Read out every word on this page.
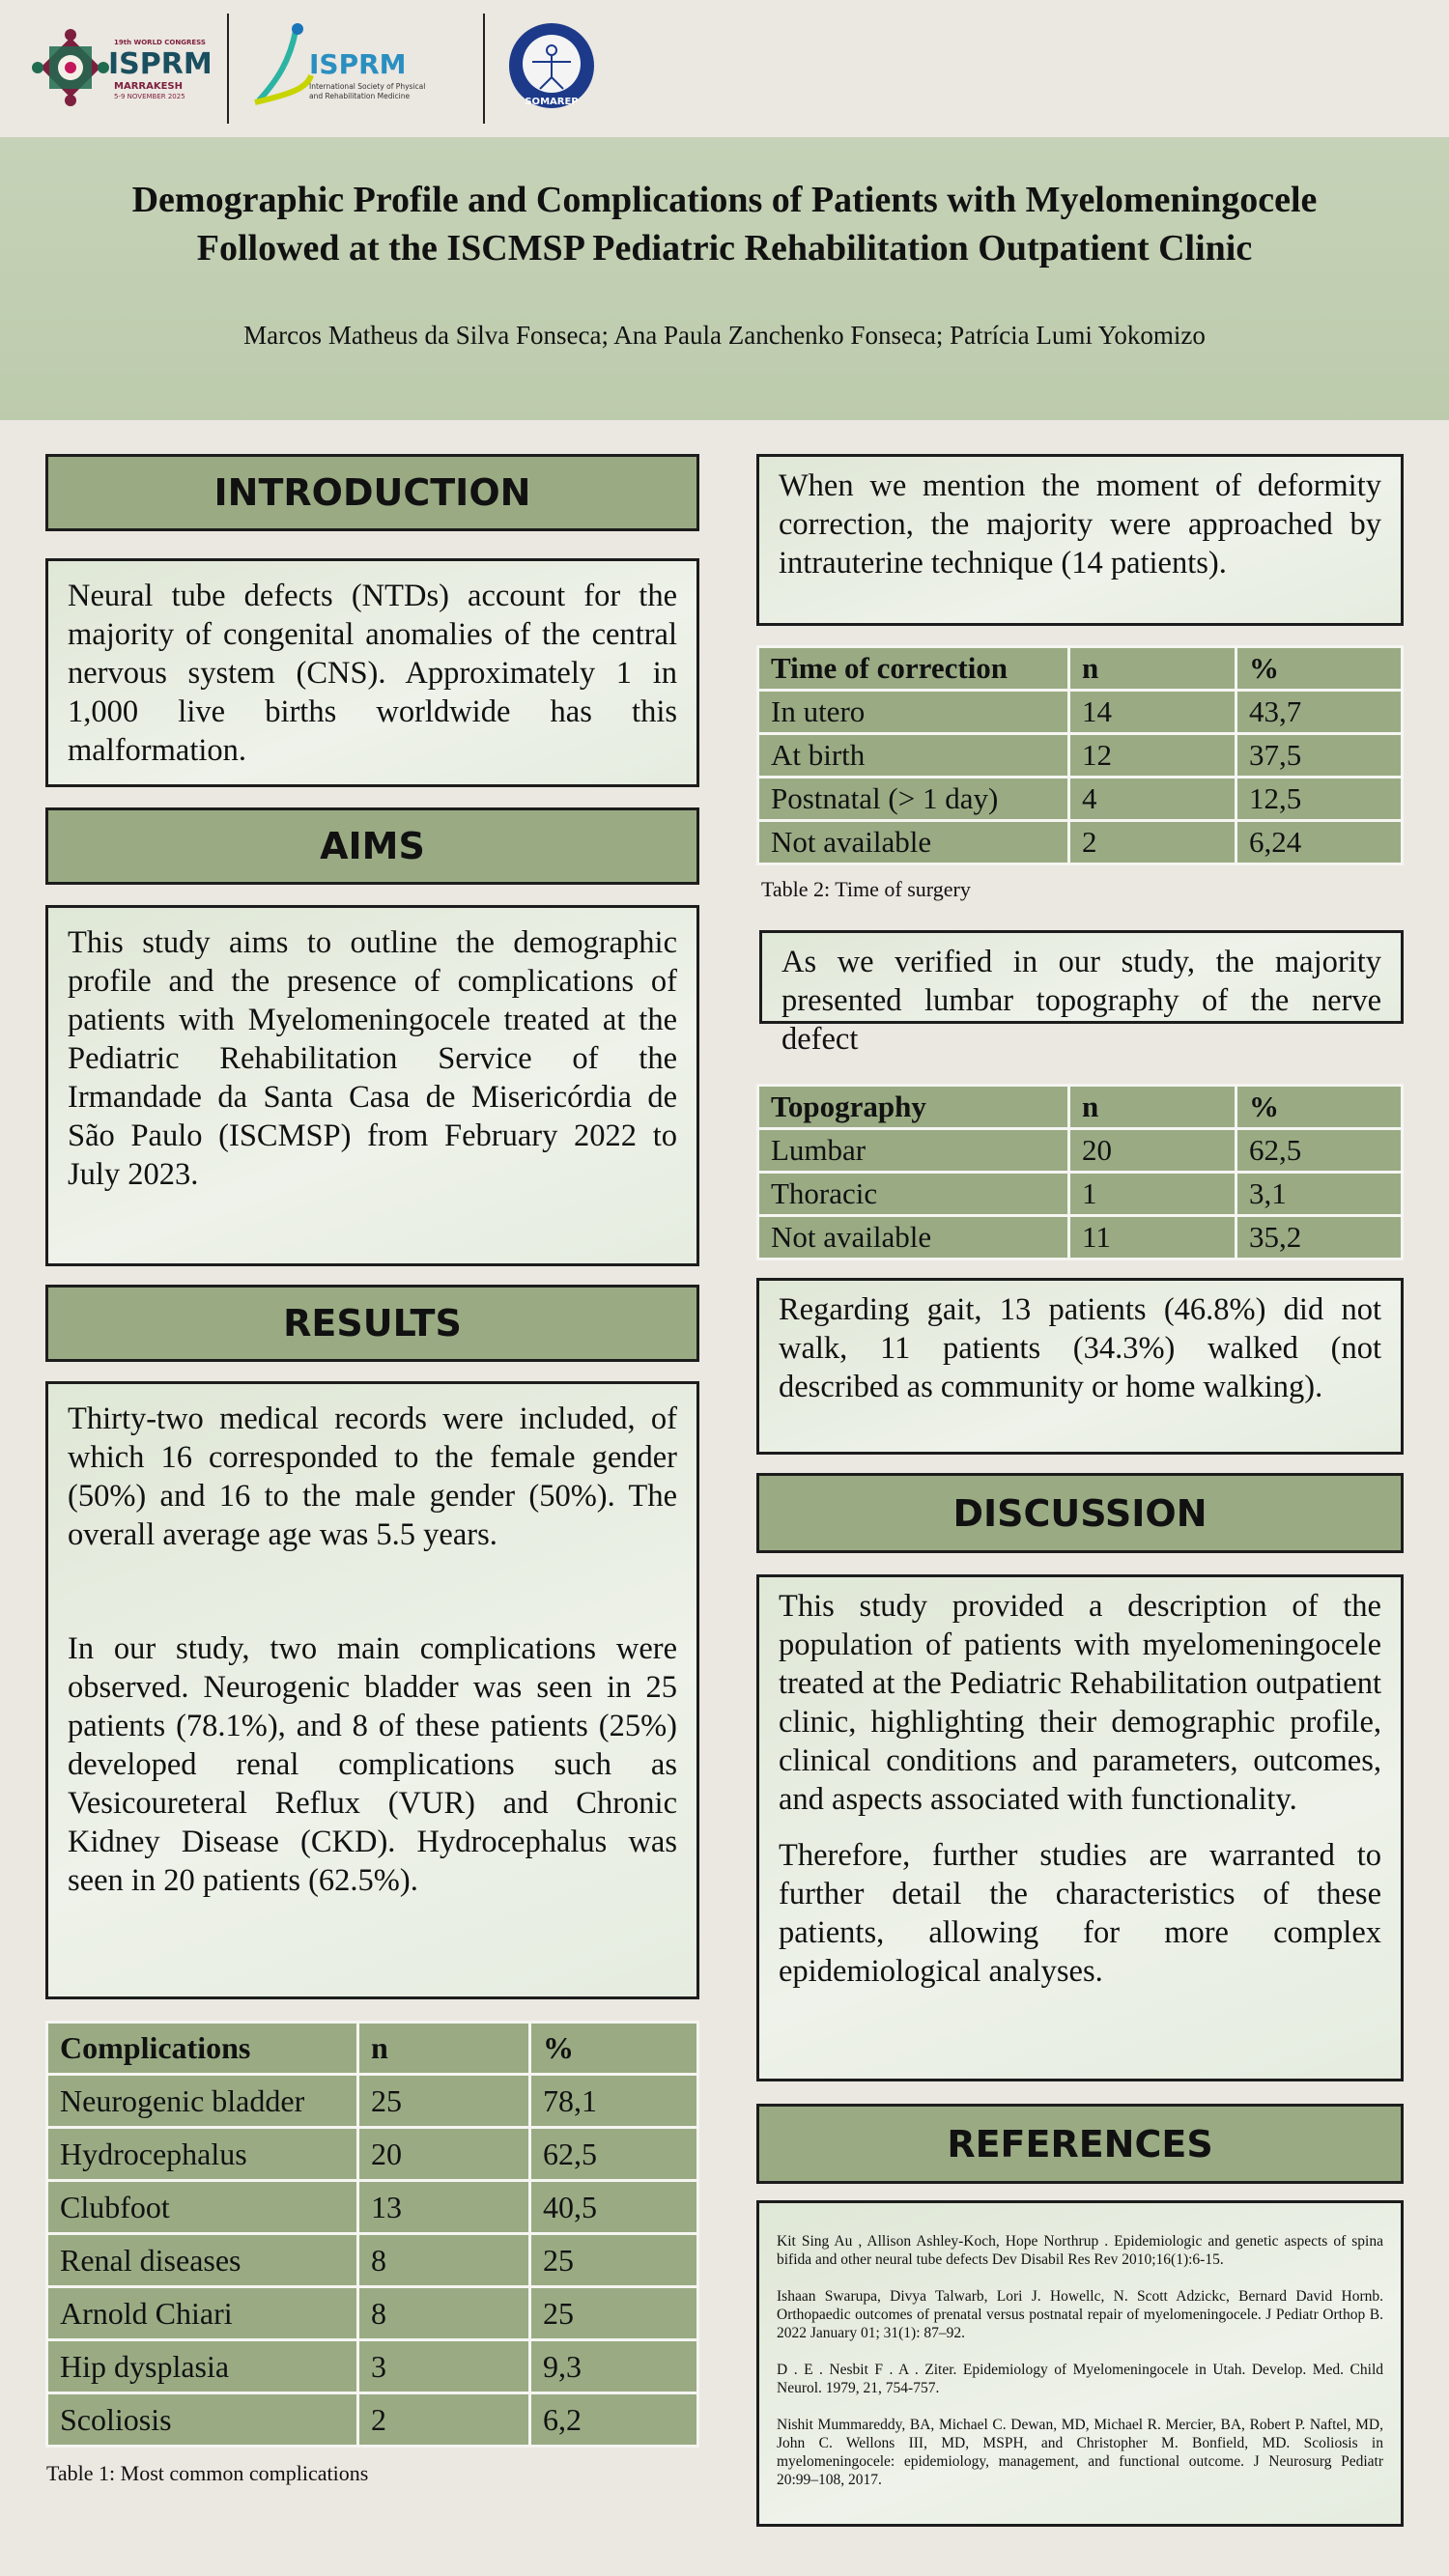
19th WORLD CONGRESS
ISPRM
MARRAKESH
5-9 NOVEMBER 2025
ISPRM
International Society of Physical
and Rehabilitation Medicine
SOMAREP
Demographic Profile and Complications of Patients with Myelomeningocele
Followed at the ISCMSP Pediatric Rehabilitation Outpatient Clinic
Marcos Matheus da Silva Fonseca; Ana Paula Zanchenko Fonseca; Patrícia Lumi Yokomizo
INTRODUCTION

Neural tube defects (NTDs) account for the majority of congenital anomalies of the central nervous system (CNS). Approximately 1 in 1,000 live births worldwide has this malformation.

AIMS

This study aims to outline the demographic profile and the presence of complications of patients with Myelomeningocele treated at the Pediatric Rehabilitation Service of the Irmandade da Santa Casa de Misericórdia de São Paulo (ISCMSP) from February 2022 to July 2023.

RESULTS

Thirty-two medical records were included, of which 16 corresponded to the female gender (50%) and 16 to the male gender (50%). The overall average age was 5.5 years.

In our study, two main complications were observed. Neurogenic bladder was seen in 25 patients (78.1%), and 8 of these patients (25%) developed renal complications such as Vesicoureteral Reflux (VUR) and Chronic Kidney Disease (CKD). Hydrocephalus was seen in 20 patients (62.5%).

Complications	n	%
Neurogenic bladder	25	78,1
Hydrocephalus	20	62,5
Clubfoot	13	40,5
Renal diseases	8	25
Arnold Chiari	8	25
Hip dysplasia	3	9,3
Scoliosis	2	6,2
Table 1: Most common complications

When we mention the moment of deformity correction, the majority were approached by intrauterine technique (14 patients).

Time of correction	n	%
In utero	14	43,7
At birth	12	37,5
Postnatal (> 1 day)	4	12,5
Not available	2	6,24
Table 2: Time of surgery

As we verified in our study, the majority presented lumbar topography of the nerve defect

Topography	n	%
Lumbar	20	62,5
Thoracic	1	3,1
Not available	11	35,2

Regarding gait, 13 patients (46.8%) did not walk, 11 patients (34.3%) walked (not described as community or home walking).

DISCUSSION

This study provided a description of the population of patients with myelomeningocele treated at the Pediatric Rehabilitation outpatient clinic, highlighting their demographic profile, clinical conditions and parameters, outcomes, and aspects associated with functionality.

Therefore, further studies are warranted to further detail the characteristics of these patients, allowing for more complex epidemiological analyses.

REFERENCES

Kit Sing Au , Allison Ashley-Koch, Hope Northrup . Epidemiologic and genetic aspects of spina bifida and other neural tube defects Dev Disabil Res Rev 2010;16(1):6-15.

Ishaan Swarupa, Divya Talwarb, Lori J. Howellc, N. Scott Adzickc, Bernard David Hornb. Orthopaedic outcomes of prenatal versus postnatal repair of myelomeningocele. J Pediatr Orthop B. 2022 January 01; 31(1): 87–92.

D . E . Nesbit F . A . Ziter. Epidemiology of Myelomeningocele in Utah. Develop. Med. Child Neurol. 1979, 21, 754-757.

Nishit Mummareddy, BA, Michael C. Dewan, MD, Michael R. Mercier, BA, Robert P. Naftel, MD, John C. Wellons III, MD, MSPH, and Christopher M. Bonfield, MD. Scoliosis in myelomeningocele: epidemiology, management, and functional outcome. J Neurosurg Pediatr 20:99–108, 2017.
